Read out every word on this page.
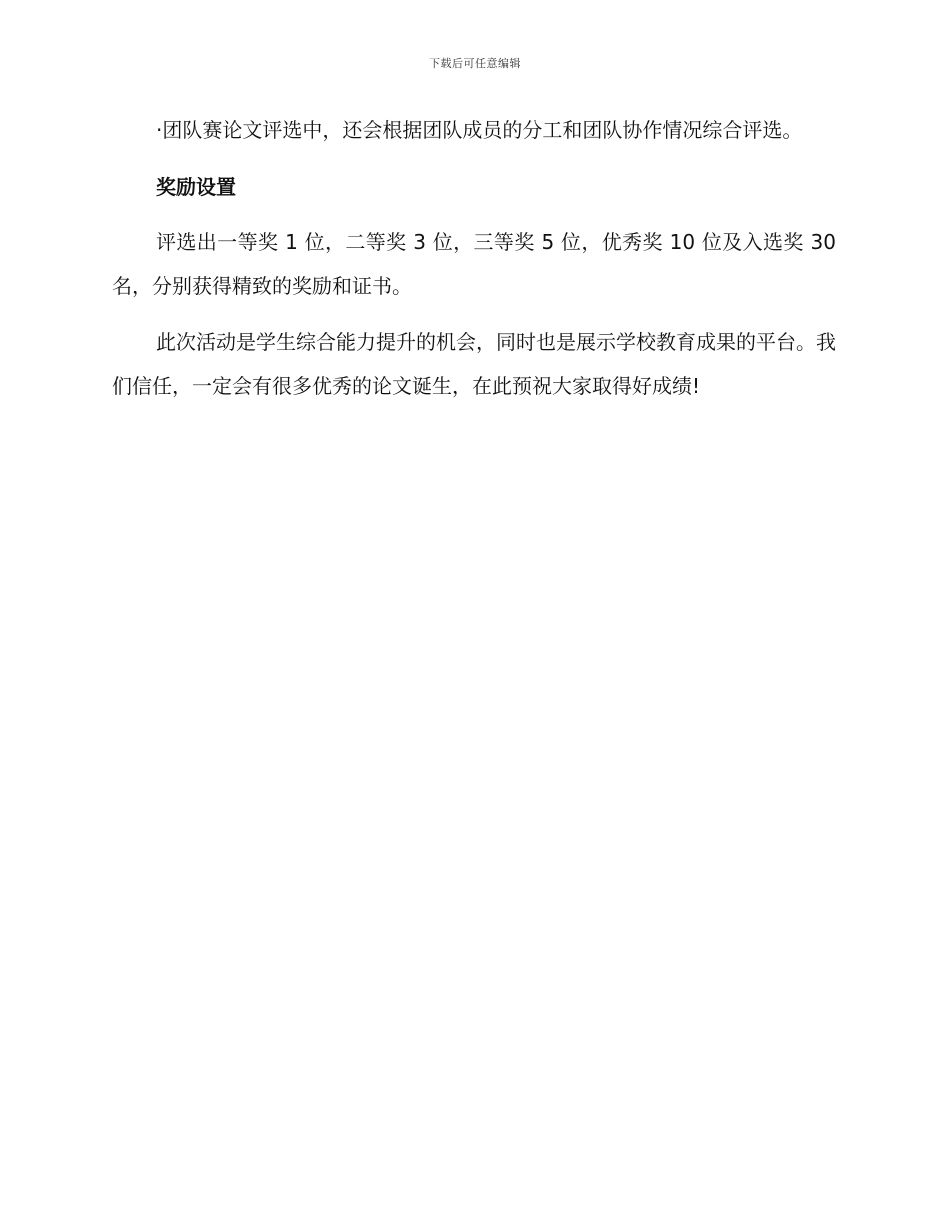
下载后可任意编辑

·团队赛论文评选中，还会根据团队成员的分工和团队协作情况综合评选。

奖励设置

评选出一等奖 1 位，二等奖 3 位，三等奖 5 位，优秀奖 10 位及入选奖 30 名，分别获得精致的奖励和证书。

此次活动是学生综合能力提升的机会，同时也是展示学校教育成果的平台。我们信任，一定会有很多优秀的论文诞生，在此预祝大家取得好成绩!
